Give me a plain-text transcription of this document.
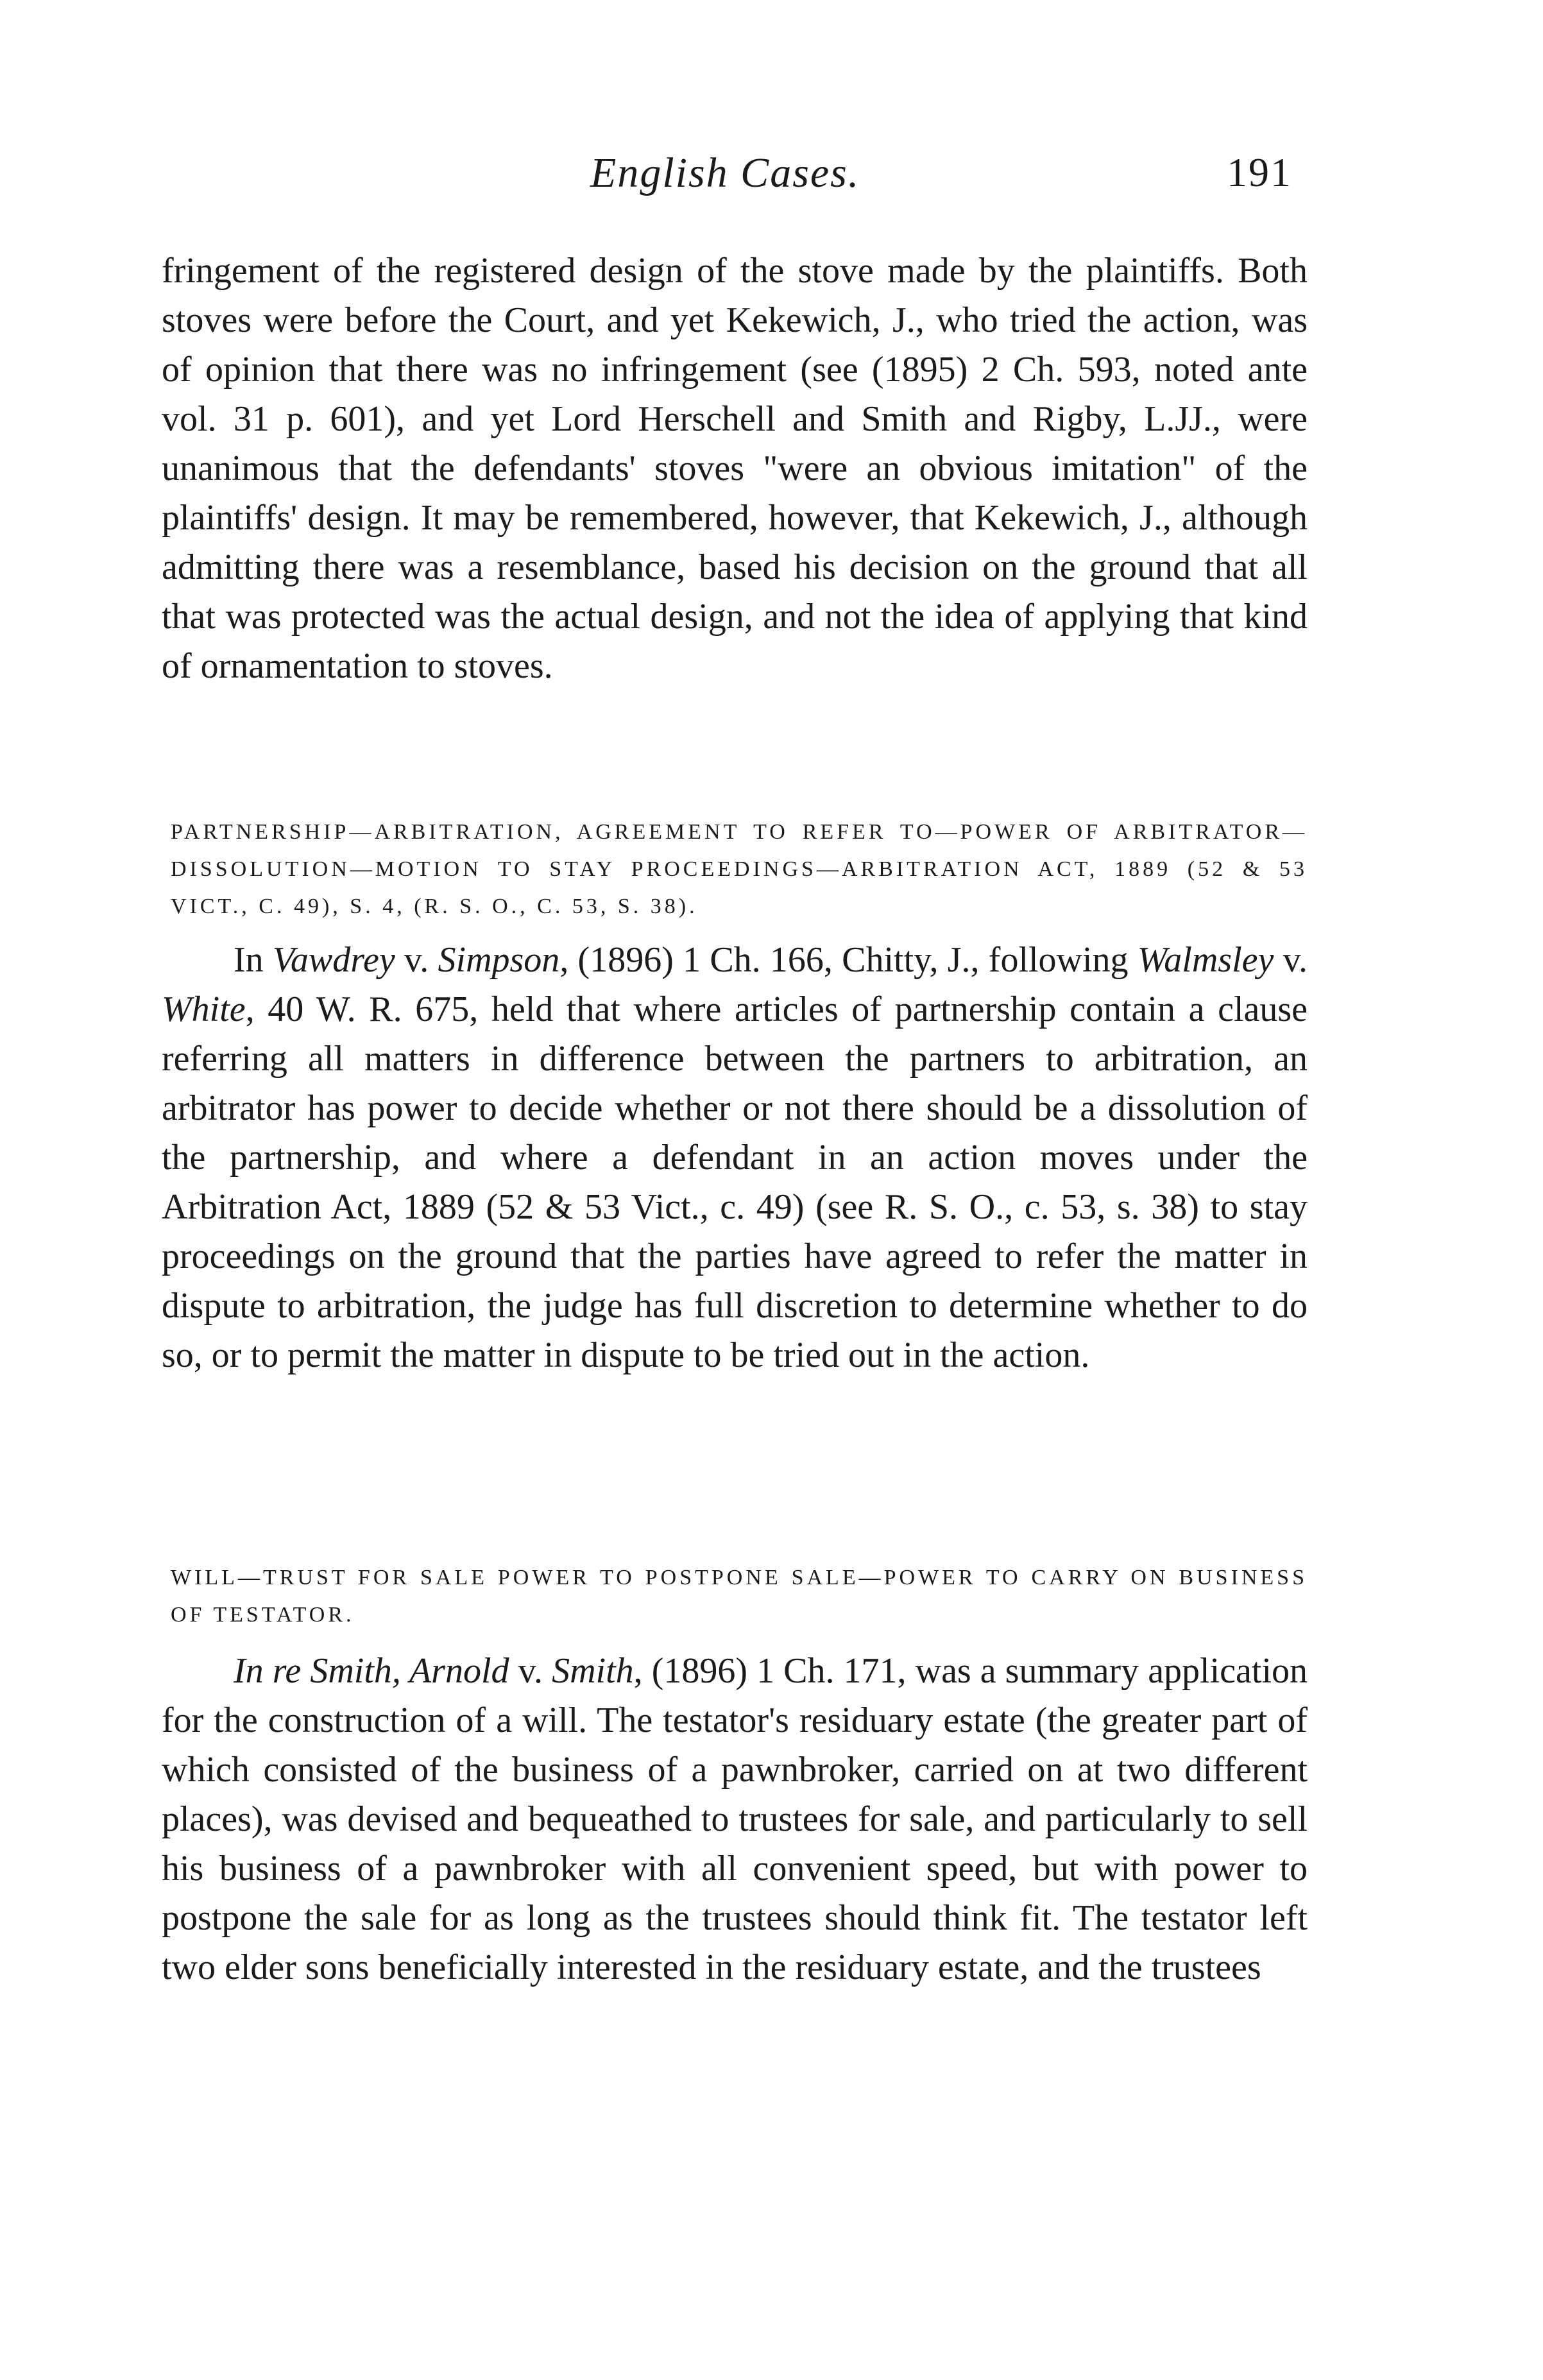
English Cases.	191

fringement of the registered design of the stove made by the plaintiffs. Both stoves were before the Court, and yet Kekewich, J., who tried the action, was of opinion that there was no infringement (see (1895) 2 Ch. 593, noted ante vol. 31 p. 601), and yet Lord Herschell and Smith and Rigby, L.JJ., were unanimous that the defendants' stoves "were an obvious imitation" of the plaintiffs' design. It may be remembered, however, that Kekewich, J., although admitting there was a resemblance, based his decision on the ground that all that was protected was the actual design, and not the idea of applying that kind of ornamentation to stoves.

PARTNERSHIP—ARBITRATION, AGREEMENT TO REFER TO—POWER OF ARBITRATOR—DISSOLUTION—MOTION TO STAY PROCEEDINGS—ARBITRATION ACT, 1889 (52 & 53 VICT., C. 49), S. 4, (R. S. O., C. 53, S. 38).

In Vawdrey v. Simpson, (1896) 1 Ch. 166, Chitty, J., following Walmsley v. White, 40 W. R. 675, held that where articles of partnership contain a clause referring all matters in difference between the partners to arbitration, an arbitrator has power to decide whether or not there should be a dissolution of the partnership, and where a defendant in an action moves under the Arbitration Act, 1889 (52 & 53 Vict., c. 49) (see R. S. O., c. 53, s. 38) to stay proceedings on the ground that the parties have agreed to refer the matter in dispute to arbitration, the judge has full discretion to determine whether to do so, or to permit the matter in dispute to be tried out in the action.

WILL—TRUST FOR SALE POWER TO POSTPONE SALE—POWER TO CARRY ON BUSINESS OF TESTATOR.

In re Smith, Arnold v. Smith, (1896) 1 Ch. 171, was a summary application for the construction of a will. The testator's residuary estate (the greater part of which consisted of the business of a pawnbroker, carried on at two different places), was devised and bequeathed to trustees for sale, and particularly to sell his business of a pawnbroker with all convenient speed, but with power to postpone the sale for as long as the trustees should think fit. The testator left two elder sons beneficially interested in the residuary estate, and the trustees
